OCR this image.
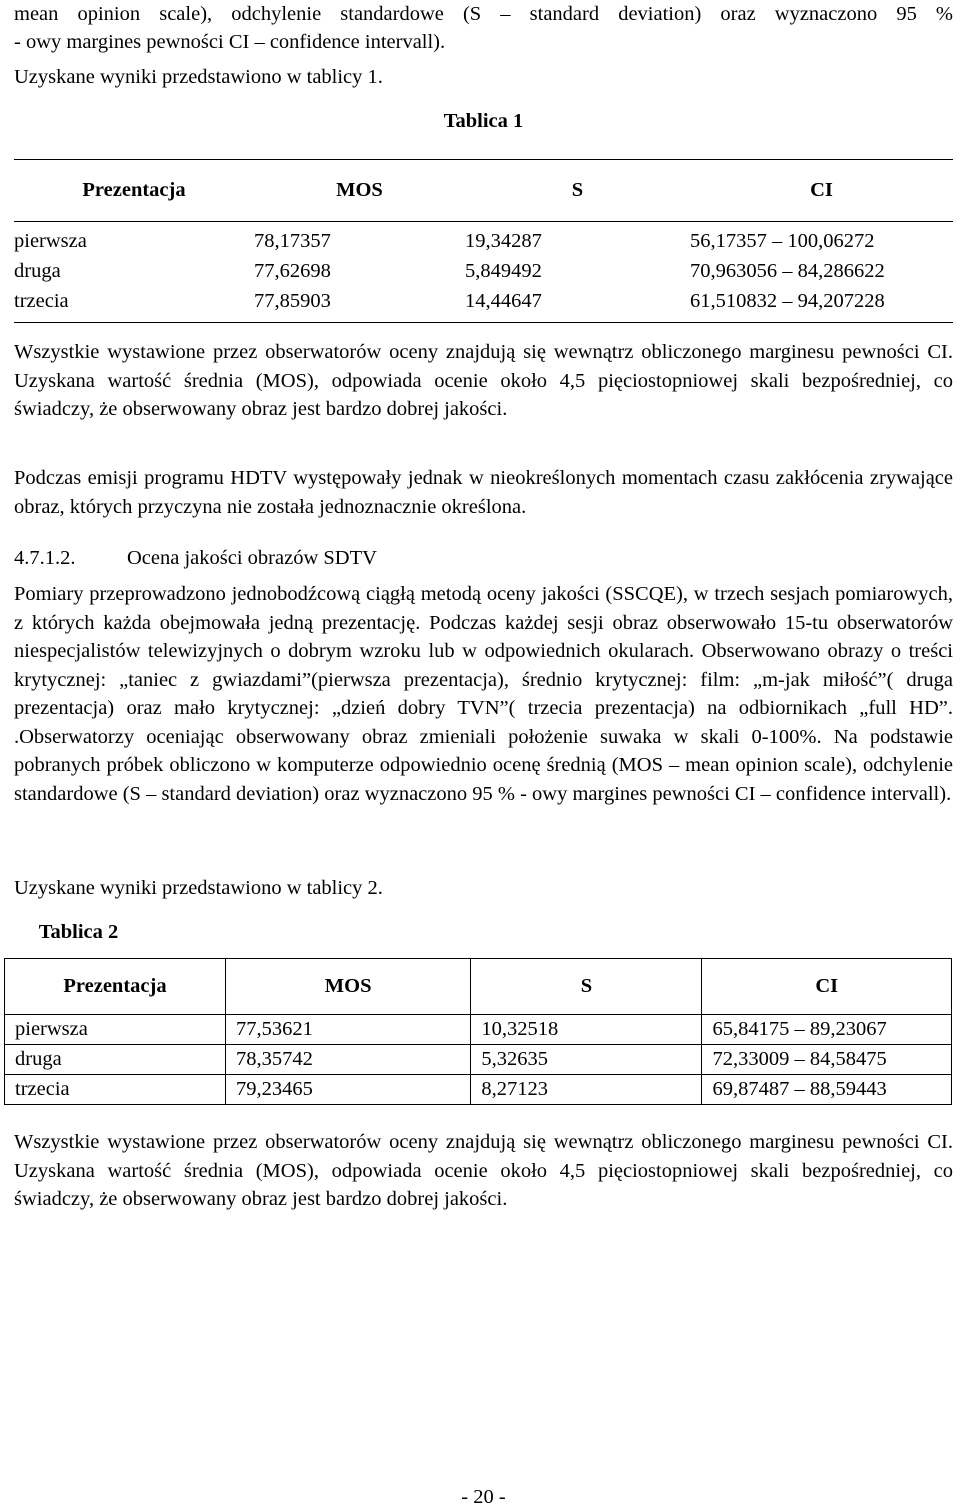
mean opinion scale), odchylenie standardowe (S – standard deviation) oraz wyznaczono 95 %
- owy margines pewności CI – confidence intervall).
Uzyskane wyniki przedstawiono w tablicy 1.
Tablica 1
Prezentacja	MOS	S	CI
pierwsza	78,17357	19,34287	56,17357 – 100,06272
druga	77,62698	5,849492	70,963056 – 84,286622
trzecia	77,85903	14,44647	61,510832 – 94,207228

Wszystkie wystawione przez obserwatorów oceny znajdują się wewnątrz obliczonego marginesu pewności CI. Uzyskana wartość średnia (MOS), odpowiada ocenie około 4,5 pięciostopniowej skali bezpośredniej, co świadczy, że obserwowany obraz jest bardzo dobrej jakości.

Podczas emisji programu HDTV występowały jednak w nieokreślonych momentach czasu zakłócenia zrywające obraz, których przyczyna nie została jednoznacznie określona.

4.7.1.2.	Ocena jakości obrazów SDTV

Pomiary przeprowadzono jednobodźcową ciągłą metodą oceny jakości (SSCQE), w trzech sesjach pomiarowych, z których każda obejmowała jedną prezentację. Podczas każdej sesji obraz obserwowało 15-tu obserwatorów niespecjalistów telewizyjnych o dobrym wzroku lub w odpowiednich okularach. Obserwowano obrazy o treści krytycznej: „taniec z gwiazdami”(pierwsza prezentacja), średnio krytycznej: film: „m-jak miłość”( druga prezentacja) oraz mało krytycznej: „dzień dobry TVN”( trzecia prezentacja) na odbiornikach „full HD”. .Obserwatorzy oceniając obserwowany obraz zmieniali położenie suwaka w skali 0-100%. Na podstawie pobranych próbek obliczono w komputerze odpowiednio ocenę średnią (MOS – mean opinion scale), odchylenie standardowe (S – standard deviation) oraz wyznaczono 95 % - owy margines pewności CI – confidence intervall).

Uzyskane wyniki przedstawiono w tablicy 2.

Tablica 2
Prezentacja	MOS	S	CI
pierwsza	77,53621	10,32518	65,84175 – 89,23067
druga	78,35742	5,32635	72,33009 – 84,58475
trzecia	79,23465	8,27123	69,87487 – 88,59443

Wszystkie wystawione przez obserwatorów oceny znajdują się wewnątrz obliczonego marginesu pewności CI. Uzyskana wartość średnia (MOS), odpowiada ocenie około 4,5 pięciostopniowej skali bezpośredniej, co świadczy, że obserwowany obraz jest bardzo dobrej jakości.

- 20 -
